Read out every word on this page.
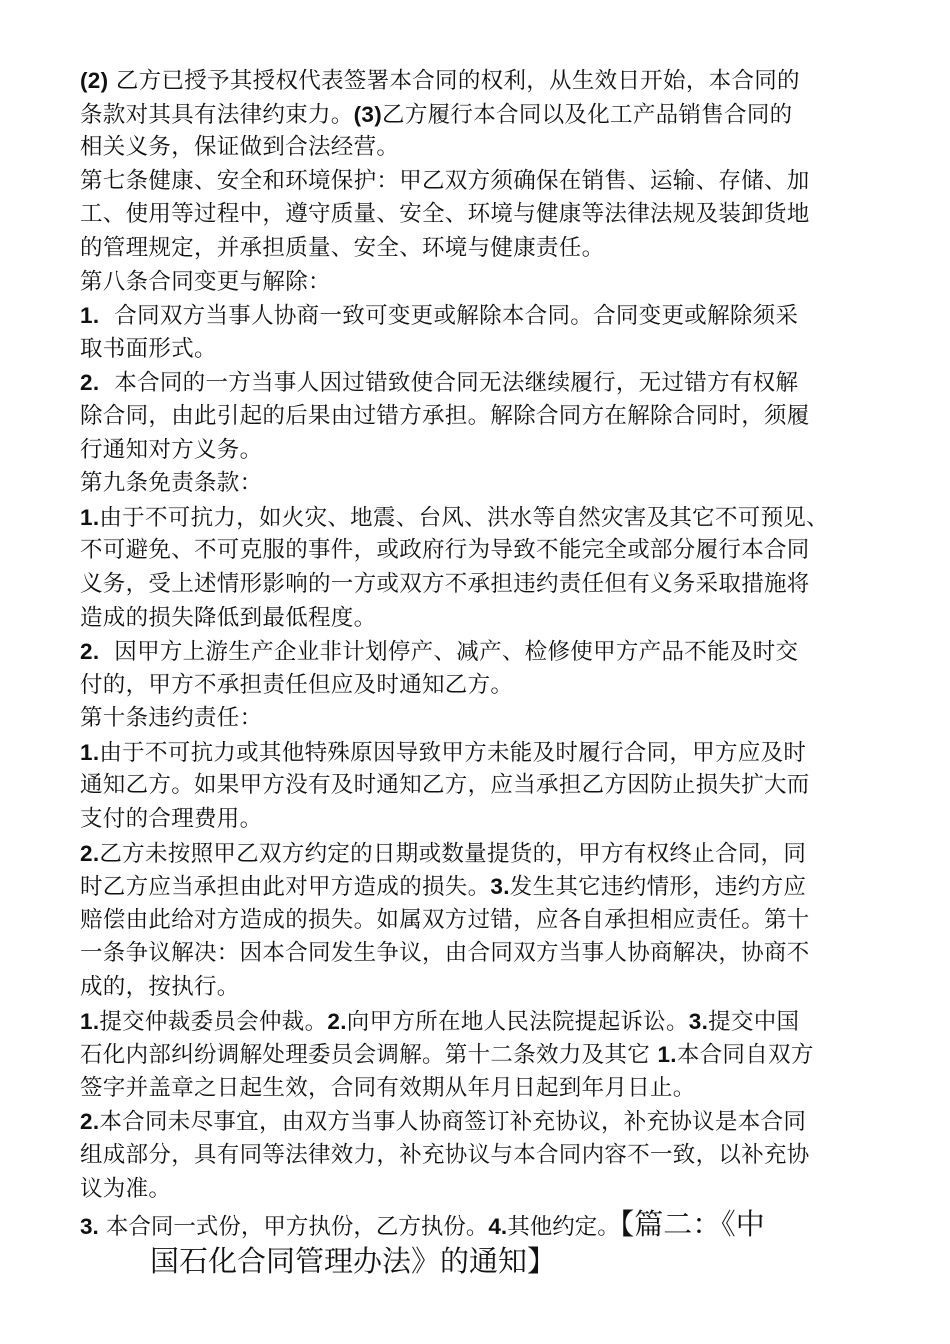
(2) 乙方已授予其授权代表签署本合同的权利，从生效日开始，本合同的
条款对其具有法律约束力。(3)乙方履行本合同以及化工产品销售合同的
相关义务，保证做到合法经营。
第七条健康、安全和环境保护：甲乙双方须确保在销售、运输、存储、加
工、使用等过程中，遵守质量、安全、环境与健康等法律法规及装卸货地
的管理规定，并承担质量、安全、环境与健康责任。
第八条合同变更与解除：
1.  合同双方当事人协商一致可变更或解除本合同。合同变更或解除须采
取书面形式。
2.  本合同的一方当事人因过错致使合同无法继续履行，无过错方有权解
除合同，由此引起的后果由过错方承担。解除合同方在解除合同时，须履
行通知对方义务。
第九条免责条款：
1.由于不可抗力，如火灾、地震、台风、洪水等自然灾害及其它不可预见、
不可避免、不可克服的事件，或政府行为导致不能完全或部分履行本合同
义务，受上述情形影响的一方或双方不承担违约责任但有义务采取措施将
造成的损失降低到最低程度。
2.  因甲方上游生产企业非计划停产、减产、检修使甲方产品不能及时交
付的，甲方不承担责任但应及时通知乙方。
第十条违约责任：
1.由于不可抗力或其他特殊原因导致甲方未能及时履行合同，甲方应及时
通知乙方。如果甲方没有及时通知乙方，应当承担乙方因防止损失扩大而
支付的合理费用。
2.乙方未按照甲乙双方约定的日期或数量提货的，甲方有权终止合同，同
时乙方应当承担由此对甲方造成的损失。3.发生其它违约情形，违约方应
赔偿由此给对方造成的损失。如属双方过错，应各自承担相应责任。第十
一条争议解决：因本合同发生争议，由合同双方当事人协商解决，协商不
成的，按执行。
1.提交仲裁委员会仲裁。2.向甲方所在地人民法院提起诉讼。3.提交中国
石化内部纠纷调解处理委员会调解。第十二条效力及其它 1.本合同自双方
签字并盖章之日起生效，合同有效期从年月日起到年月日止。
2.本合同未尽事宜，由双方当事人协商签订补充协议，补充协议是本合同
组成部分，具有同等法律效力，补充协议与本合同内容不一致，以补充协
议为准。
3. 本合同一式份，甲方执份，乙方执份。4.其他约定。【篇二：《中
国石化合同管理办法》的通知】
